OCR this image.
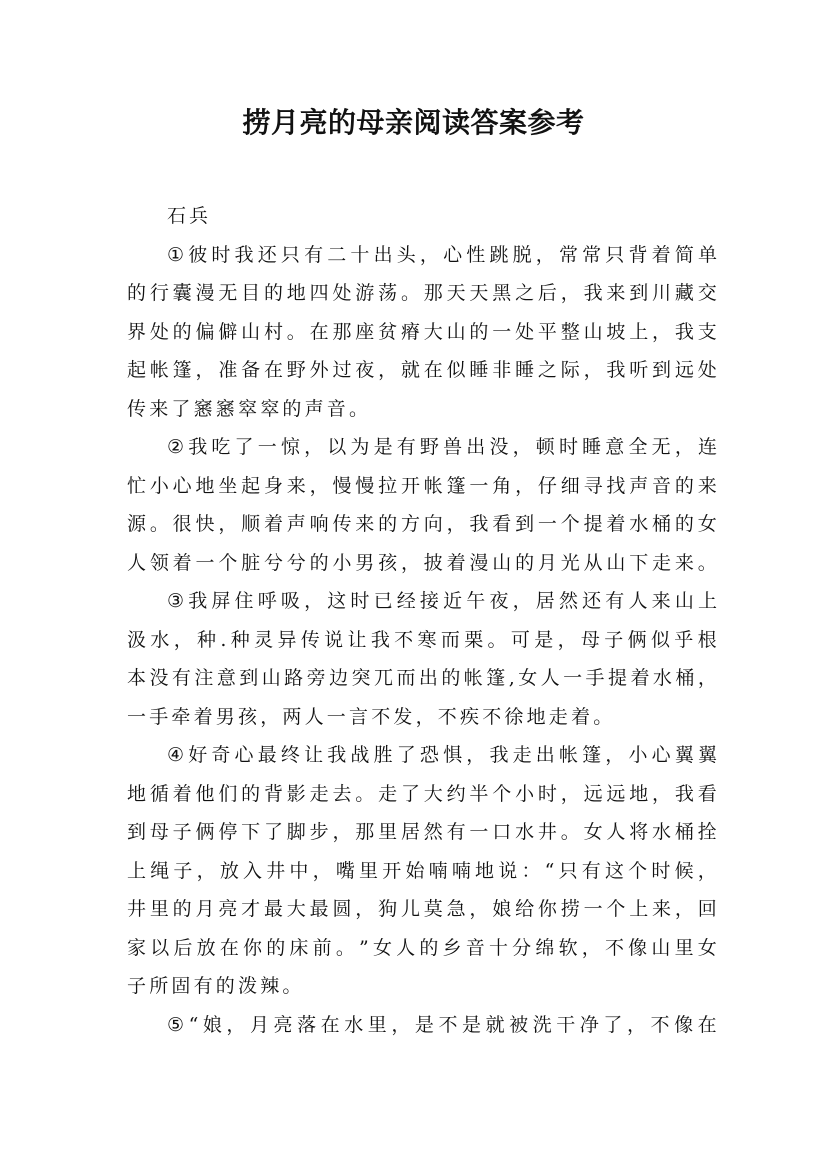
捞月亮的母亲阅读答案参考
石兵
① 彼 时 我 还 只 有 二 十 出 头 ， 心 性 跳 脱 ， 常 常 只 背 着 简 单
的 行 囊 漫 无 目 的 地 四 处 游 荡 。 那 天 天 黑 之 后 ， 我 来 到 川 藏 交
界 处 的 偏 僻 山 村 。 在 那 座 贫 瘠 大 山 的 一 处 平 整 山 坡 上 ， 我 支
起 帐 篷 ， 准 备 在 野 外 过 夜 ， 就 在 似 睡 非 睡 之 际 ， 我 听 到 远 处
传来了窸窸窣窣的声音。
② 我 吃 了 一 惊 ， 以 为 是 有 野 兽 出 没 ， 顿 时 睡 意 全 无 ， 连
忙 小 心 地 坐 起 身 来 ， 慢 慢 拉 开 帐 篷 一 角 ， 仔 细 寻 找 声 音 的 来
源 。 很 快 ， 顺 着 声 响 传 来 的 方 向 ， 我 看 到 一 个 提 着 水 桶 的 女
人 领 着 一 个 脏 兮 兮 的 小 男 孩 ， 披 着 漫 山 的 月 光 从 山 下 走 来 。
③ 我 屏 住 呼 吸 ， 这 时 已 经 接 近 午 夜 ， 居 然 还 有 人 来 山 上
汲 水 ， 种 . 种 灵 异 传 说 让 我 不 寒 而 栗 。 可 是 ， 母 子 俩 似 乎 根
本 没 有 注 意 到 山 路 旁 边 突 兀 而 出 的 帐 篷 , 女 人 一 手 提 着 水 桶 ，
一手牵着男孩，两人一言不发，不疾不徐地走着。
④ 好 奇 心 最 终 让 我 战 胜 了 恐 惧 ， 我 走 出 帐 篷 ， 小 心 翼 翼
地 循 着 他 们 的 背 影 走 去 。 走 了 大 约 半 个 小 时 ， 远 远 地 ， 我 看
到 母 子 俩 停 下 了 脚 步 ， 那 里 居 然 有 一 口 水 井 。 女 人 将 水 桶 拴
上 绳 子 ， 放 入 井 中 ， 嘴 里 开 始 喃 喃 地 说 ： “ 只 有 这 个 时 候 ，
井 里 的 月 亮 才 最 大 最 圆 ， 狗 儿 莫 急 ， 娘 给 你 捞 一 个 上 来 ， 回
家 以 后 放 在 你 的 床 前 。 ” 女 人 的 乡 音 十 分 绵 软 ， 不 像 山 里 女
子所固有的泼辣。
⑤ “ 娘 ， 月 亮 落 在 水 里 ， 是 不 是 就 被 洗 干 净 了 ， 不 像 在
